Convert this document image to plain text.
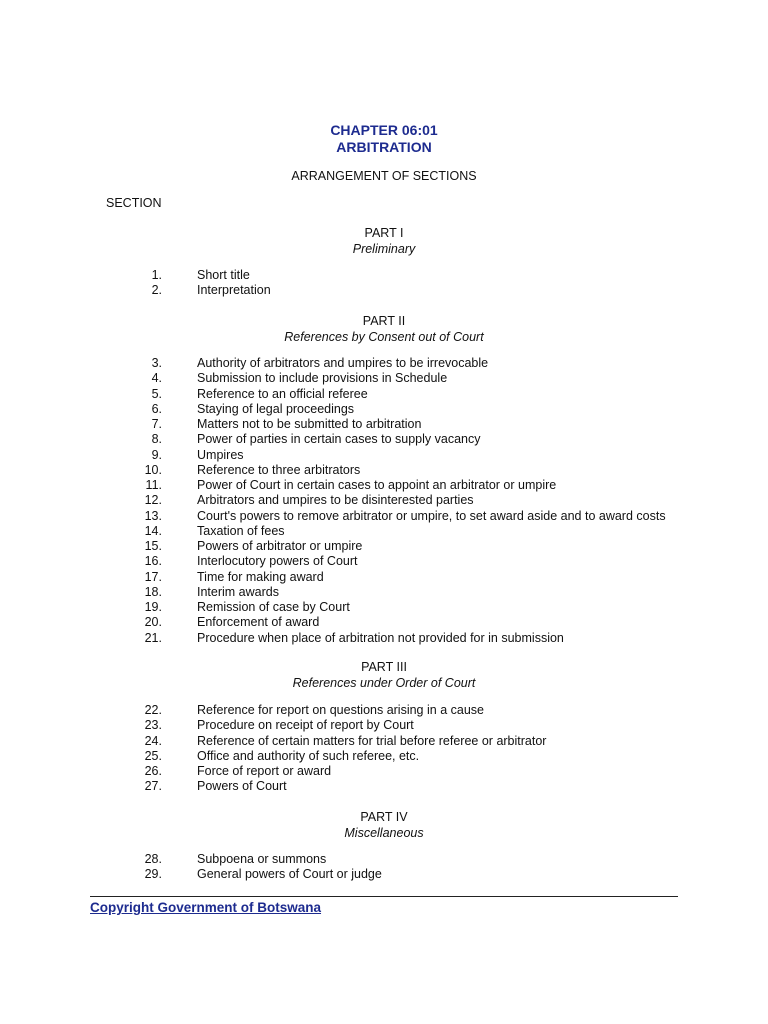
CHAPTER 06:01
ARBITRATION
ARRANGEMENT OF SECTIONS
SECTION
PART I
Preliminary
1.	Short title
2.	Interpretation
PART II
References by Consent out of Court
3.	Authority of arbitrators and umpires to be irrevocable
4.	Submission to include provisions in Schedule
5.	Reference to an official referee
6.	Staying of legal proceedings
7.	Matters not to be submitted to arbitration
8.	Power of parties in certain cases to supply vacancy
9.	Umpires
10.	Reference to three arbitrators
11.	Power of Court in certain cases to appoint an arbitrator or umpire
12.	Arbitrators and umpires to be disinterested parties
13.	Court's powers to remove arbitrator or umpire, to set award aside and to award costs
14.	Taxation of fees
15.	Powers of arbitrator or umpire
16.	Interlocutory powers of Court
17.	Time for making award
18.	Interim awards
19.	Remission of case by Court
20.	Enforcement of award
21.	Procedure when place of arbitration not provided for in submission
PART III
References under Order of Court
22.	Reference for report on questions arising in a cause
23.	Procedure on receipt of report by Court
24.	Reference of certain matters for trial before referee or arbitrator
25.	Office and authority of such referee, etc.
26.	Force of report or award
27.	Powers of Court
PART IV
Miscellaneous
28.	Subpoena or summons
29.	General powers of Court or judge
Copyright Government of Botswana
